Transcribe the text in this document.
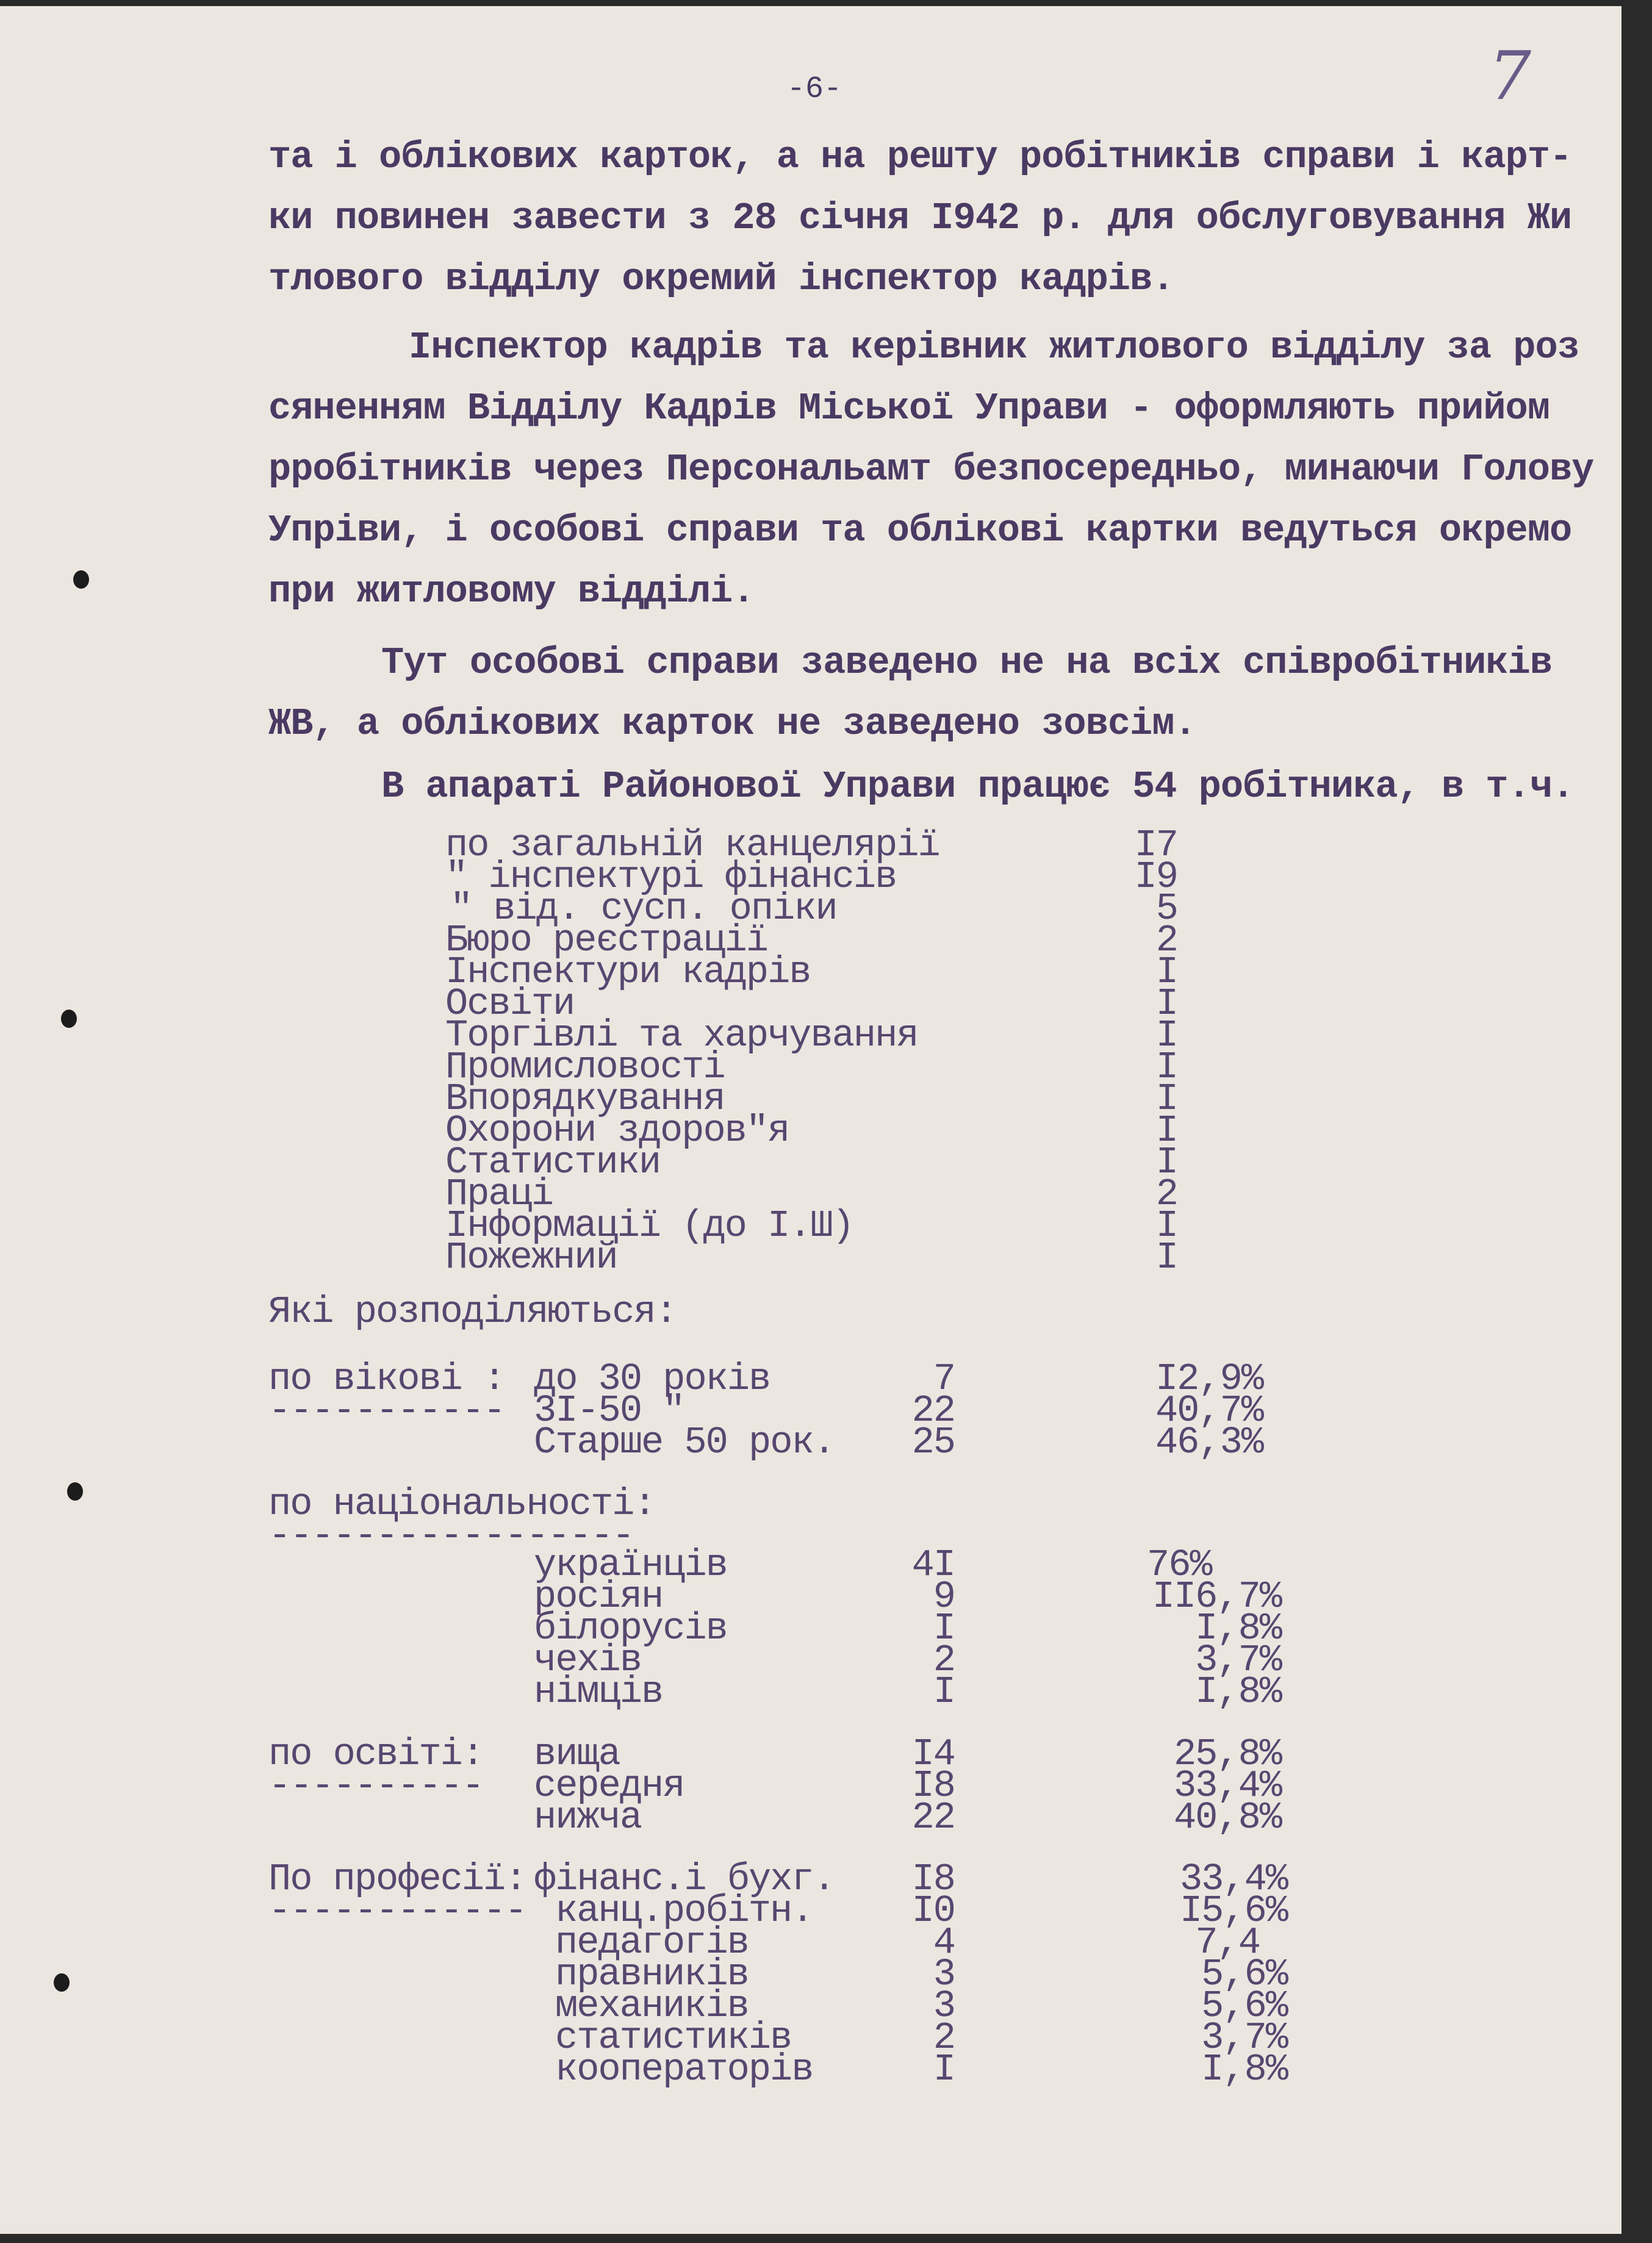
-6-	7

та і облікових карток, а на решту робітників справи і карт-
ки повинен завести з 28 січня І942 р. для обслуговування Жи
тлового відділу окремий інспектор кадрів.

Інспектор кадрів та керівник житлового відділу за роз
сяненням Відділу Кадрів Міської Управи - оформляють прийом
рробітників через Персональамт безпосередньо, минаючи Голову
Упріви, і особові справи та облікові картки ведуться окремо
при житловому відділі.

Тут особові справи заведено не на всіх співробітників
ЖВ, а облікових карток не заведено зовсім.

В апараті Районової Управи працює 54 робітника, в т.ч.

по загальній канцелярії
" інспектурі фінансів
" від. сусп. опіки
Бюро реєстрації
Інспектури кадрів
Освіти
Торгівлі та харчування
Промисловості
Впорядкування
Охорони здоров"я
Статистики
Праці
Інформації (до І.Ш)
Пожежний
І7
І9
5
2
І
І
І
І
І
І
І
2
І
І
Які розподіляються:
по вікові :
-----------
до 30 років
3І-50 "
Старше 50 рок.
7
22
25
І2,9%
40,7%
46,3%
по національності:
-----------------
українців
росіян
білорусів
чехів
німців
4І
9
І
2
І
76%
ІІ6,7%
І,8%
3,7%
І,8%
по освіті:
----------
вища
середня
нижча
І4
І8
22
25,8%
33,4%
40,8%
По професії:
------------
фінанс.і бухг.
канц.робітн.
педагогів
правників
механиків
статистиків
кооператорів
І8
І0
4
3
3
2
І
33,4%
І5,6%
7,4
5,6%
5,6%
3,7%
І,8%
